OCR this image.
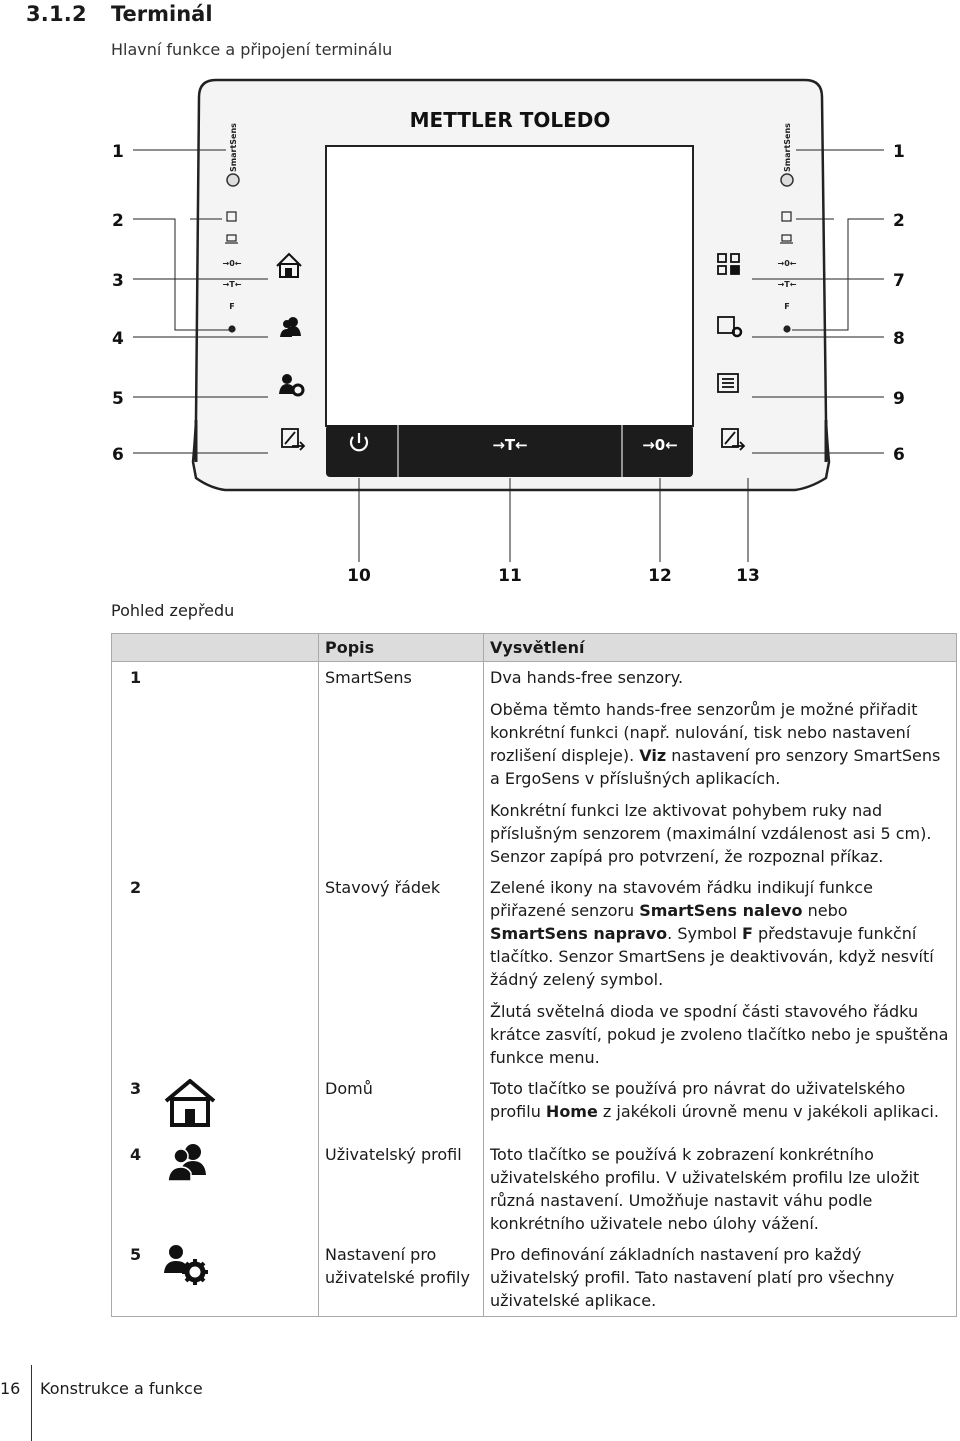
3.1.2 Terminál
Hlavní funkce a připojení terminálu
METTLER TOLEDO
→T←	→0←
SmartSens	SmartSens
→0←
→T←
F
→0←
→T←
F
1
2
3
4
5
6
1
2
7
8
9
6
10	11	12	13
Pohled zepředu
		Popis	Vysvětlení
1		SmartSens	Dva hands-free senzory.

Oběma těmto hands-free senzorům je možné přiřadit konkrétní funkci (např. nulování, tisk nebo nastavení rozlišení displeje). Viz nastavení pro senzory SmartSens a ErgoSens v příslušných aplikacích.

Konkrétní funkci lze aktivovat pohybem ruky nad příslušným senzorem (maximální vzdálenost asi 5 cm). Senzor zapípá pro potvrzení, že rozpoznal příkaz.

2		Stavový řádek	Zelené ikony na stavovém řádku indikují funkce přiřazené senzoru SmartSens nalevo nebo SmartSens napravo. Symbol F představuje funkční tlačítko. Senzor SmartSens je deaktivován, když nesvítí žádný zelený symbol.

Žlutá světelná dioda ve spodní části stavového řádku krátce zasvítí, pokud je zvoleno tlačítko nebo je spuštěna funkce menu.

3		Domů	Toto tlačítko se používá pro návrat do uživatelského profilu Home z jakékoli úrovně menu v jakékoli aplikaci.

4		Uživatelský profil	Toto tlačítko se používá k zobrazení konkrétního uživatelského profilu. V uživatelském profilu lze uložit různá nastavení. Umožňuje nastavit váhu podle konkrétního uživatele nebo úlohy vážení.

5		Nastavení pro uživatelské profily	Pro definování základních nastavení pro každý uživatelský profil. Tato nastavení platí pro všechny uživatelské aplikace.

16 Konstrukce a funkce
